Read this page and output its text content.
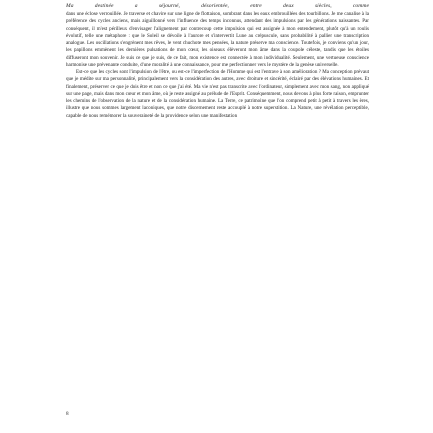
Ma destinée a séjourné, désorientée, entre deux siècles, comme

dans une éclose verrouillée. Je traverse et chavire sur une ligne de flottaison, sombrant dans les eaux embrouillées des tourbillons. Je me canalise à la préférence des cycles anciens, mais aiguillonné vers l'influence des temps inconnus, attendant des impulsions par les générations naissantes. Par conséquent, il m'est périlleux d'envisager l'alignement par contrecoup cette impulsion qui est assignée à mon entendement, plutôt qu'à un roulis évolutif, telle une métaphore : que le Soleil se dévoile à l'aurore et s'intervertit Lune au crépuscule, sans probabilité à pallier une transcription analogue. Les oscillations s'engrènent mes rêves, le vent chuchote mes pensées, la nature préserve ma conscience. Toutefois, je conviens qu'un jour, les papillons emmènent les dernières pulsations de mon cœur, les oiseaux élèveront mon âme dans la coupole céleste, tandis que les étoiles diffuseront mon souvenir. Je suis ce que je suis, de ce fait, mon existence est connectée à mon individualité. Seulement, une vertueuse conscience harmonise une prévenante conduite, d'une moralité à une connaissance, pour me perfectionner vers le mystère de la genèse universelle.

Est-ce que les cycles sont l'impulsion de l'être, ou est-ce l'imperfection de l'Homme qui est l'entrave à son amélioration ? Ma conception prévaut que je médite sur ma personnalité, principalement vers la considération des autres, avec droiture et sincérité, éclairé par des élévations humaines. Et finalement, préserver ce que je dois être et non ce que j'ai été. Ma vie n'est pas transcrite avec l'ordinateur, simplement avec mon sang, non appliqué sur une page, mais dans mon cœur et mon âme, où je reste assigné au prélude de l'Esprit. Conséquemment, nous devons à plus forte raison, emprunter les chemins de l'observation de la nature et de la considération humaine. La Terre, ce patrimoine que l'on comprend petit à petit à travers les ères, illustre que nous sommes largement laconiques, que notre discernement reste accouplé à notre superstition. La Nature, une révélation perceptible, capable de nous remémorer la souveraineté de la providence selon une manifestation

8
